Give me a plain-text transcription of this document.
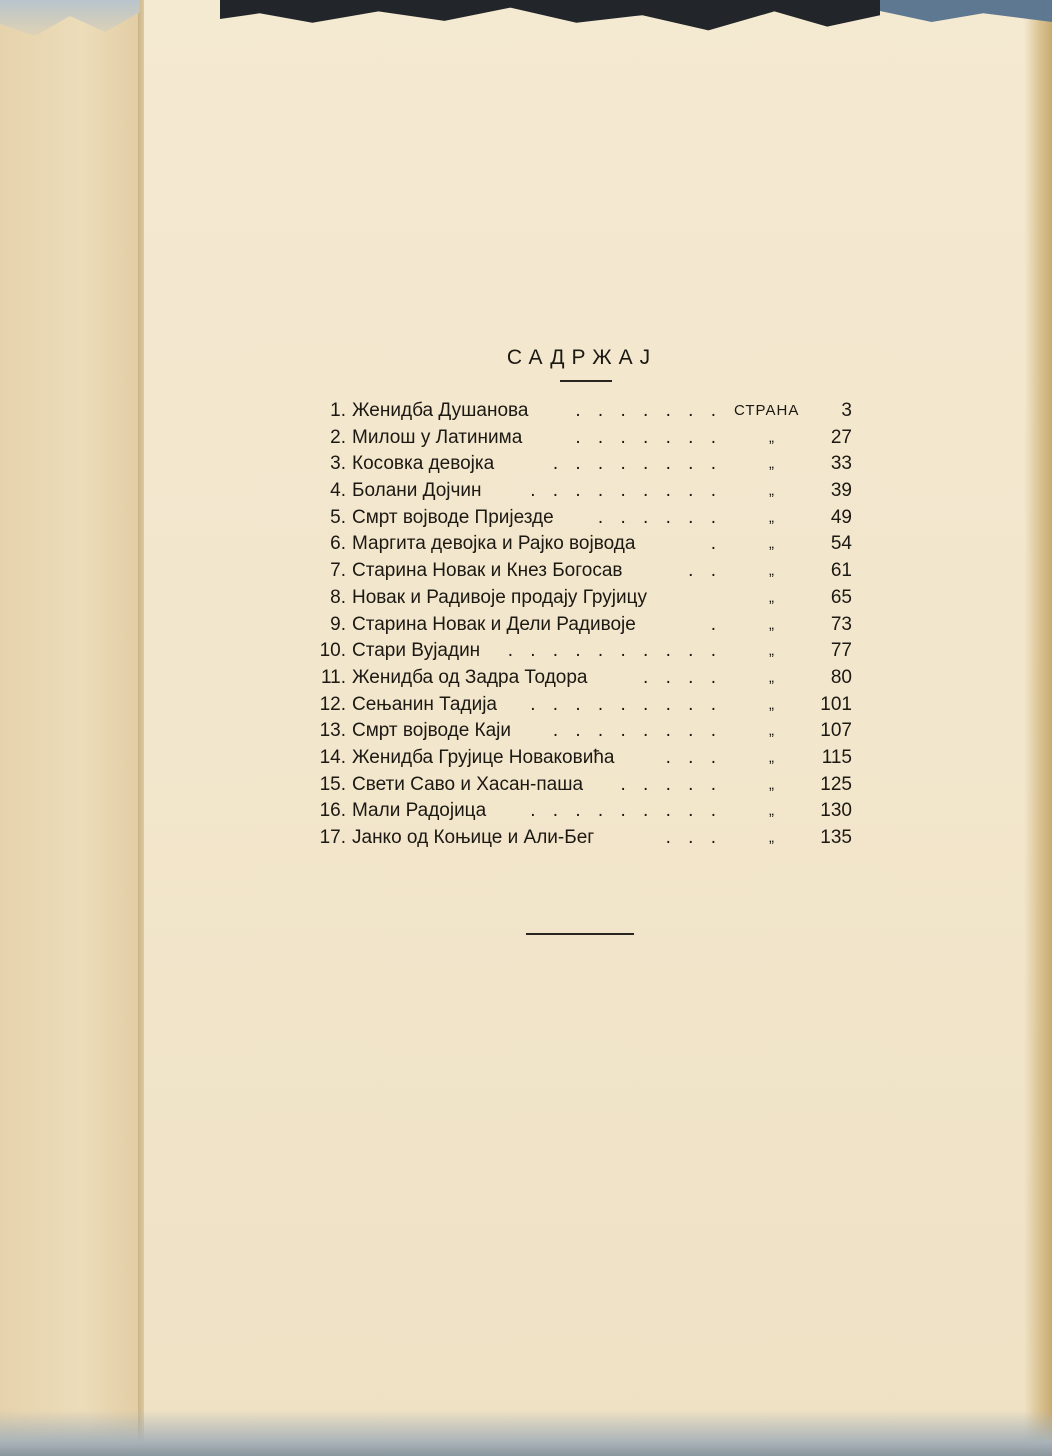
САДРЖАЈ
1. Женидба Душанова	. . . . . . . СТРАНА 3
2. Милош у Латинима	. . . . . . .	„	27
3. Косовка девојка	. . . . . . . .	„	33
4. Болани Дојчин	. . . . . . . . .	„	39
5. Смрт војводе Пријезде	. . . . . .	„	49
6. Маргита девојка и Рајко војвода	.	„	54
7. Старина Новак и Кнез Богосав	. .	„	61
8. Новак и Радивоје продају Грујицу	„	65
9. Старина Новак и Дели Радивоје	.	„	73
10. Стари Вујадин	. . . . . . . . . .	„	77
11. Женидба од Задра Тодора	. . . .	„	80
12. Сењанин Тадија	. . . . . . . . .	„ 101
13. Смрт војводе Каји	. . . . . . . .	„ 107
14. Женидба Грујице Новаковића	. . .	„	115
15. Свети Саво и Хасан-паша	. . . . .	„ 125
16. Мали Радојица	. . . . . . . . .	„ 130
17. Јанко од Коњице и Али-Бег	. . .	„ 135
